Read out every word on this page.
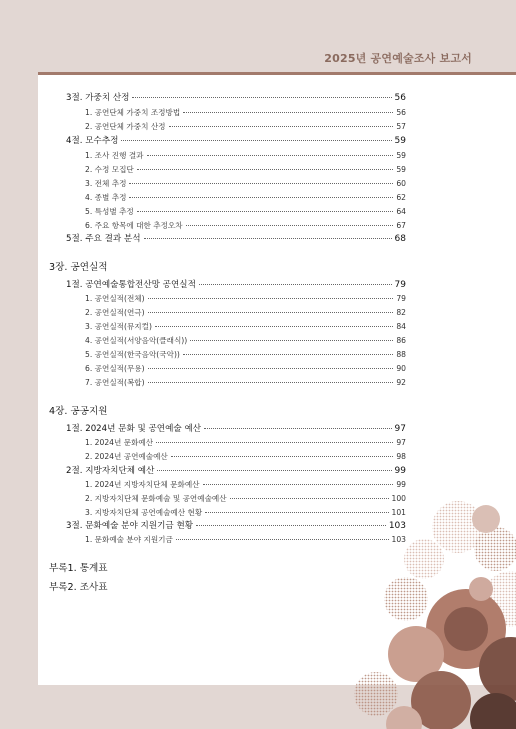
2025년 공연예술조사 보고서
3절. 가중치 산정	56
1. 공연단체 가중치 조정방법	56
2. 공연단체 가중치 산정	57
4절. 모수추정	59
1. 조사 진행 결과	59
2. 수정 모집단	59
3. 전체 추정	60
4. 종별 추정	62
5. 특성별 추정	64
6. 주요 항목에 대한 추정오차	67
5절. 주요 결과 분석	68
3장. 공연실적
1절. 공연예술통합전산망 공연실적	79
1. 공연실적(전체)	79
2. 공연실적(연극)	82
3. 공연실적(뮤지컬)	84
4. 공연실적(서양음악(클래식))	86
5. 공연실적(한국음악(국악))	88
6. 공연실적(무용)	90
7. 공연실적(복합)	92
4장. 공공지원
1절. 2024년 문화 및 공연예술 예산	97
1. 2024년 문화예산	97
2. 2024년 공연예술예산	98
2절. 지방자치단체 예산	99
1. 2024년 지방자치단체 문화예산	99
2. 지방자치단체 문화예술 및 공연예술예산	100
3. 지방자치단체 공연예술예산 현황	101
3절. 문화예술 분야 지원기금 현황	103
1. 문화예술 분야 지원기금	103
부록1. 통계표
부록2. 조사표
